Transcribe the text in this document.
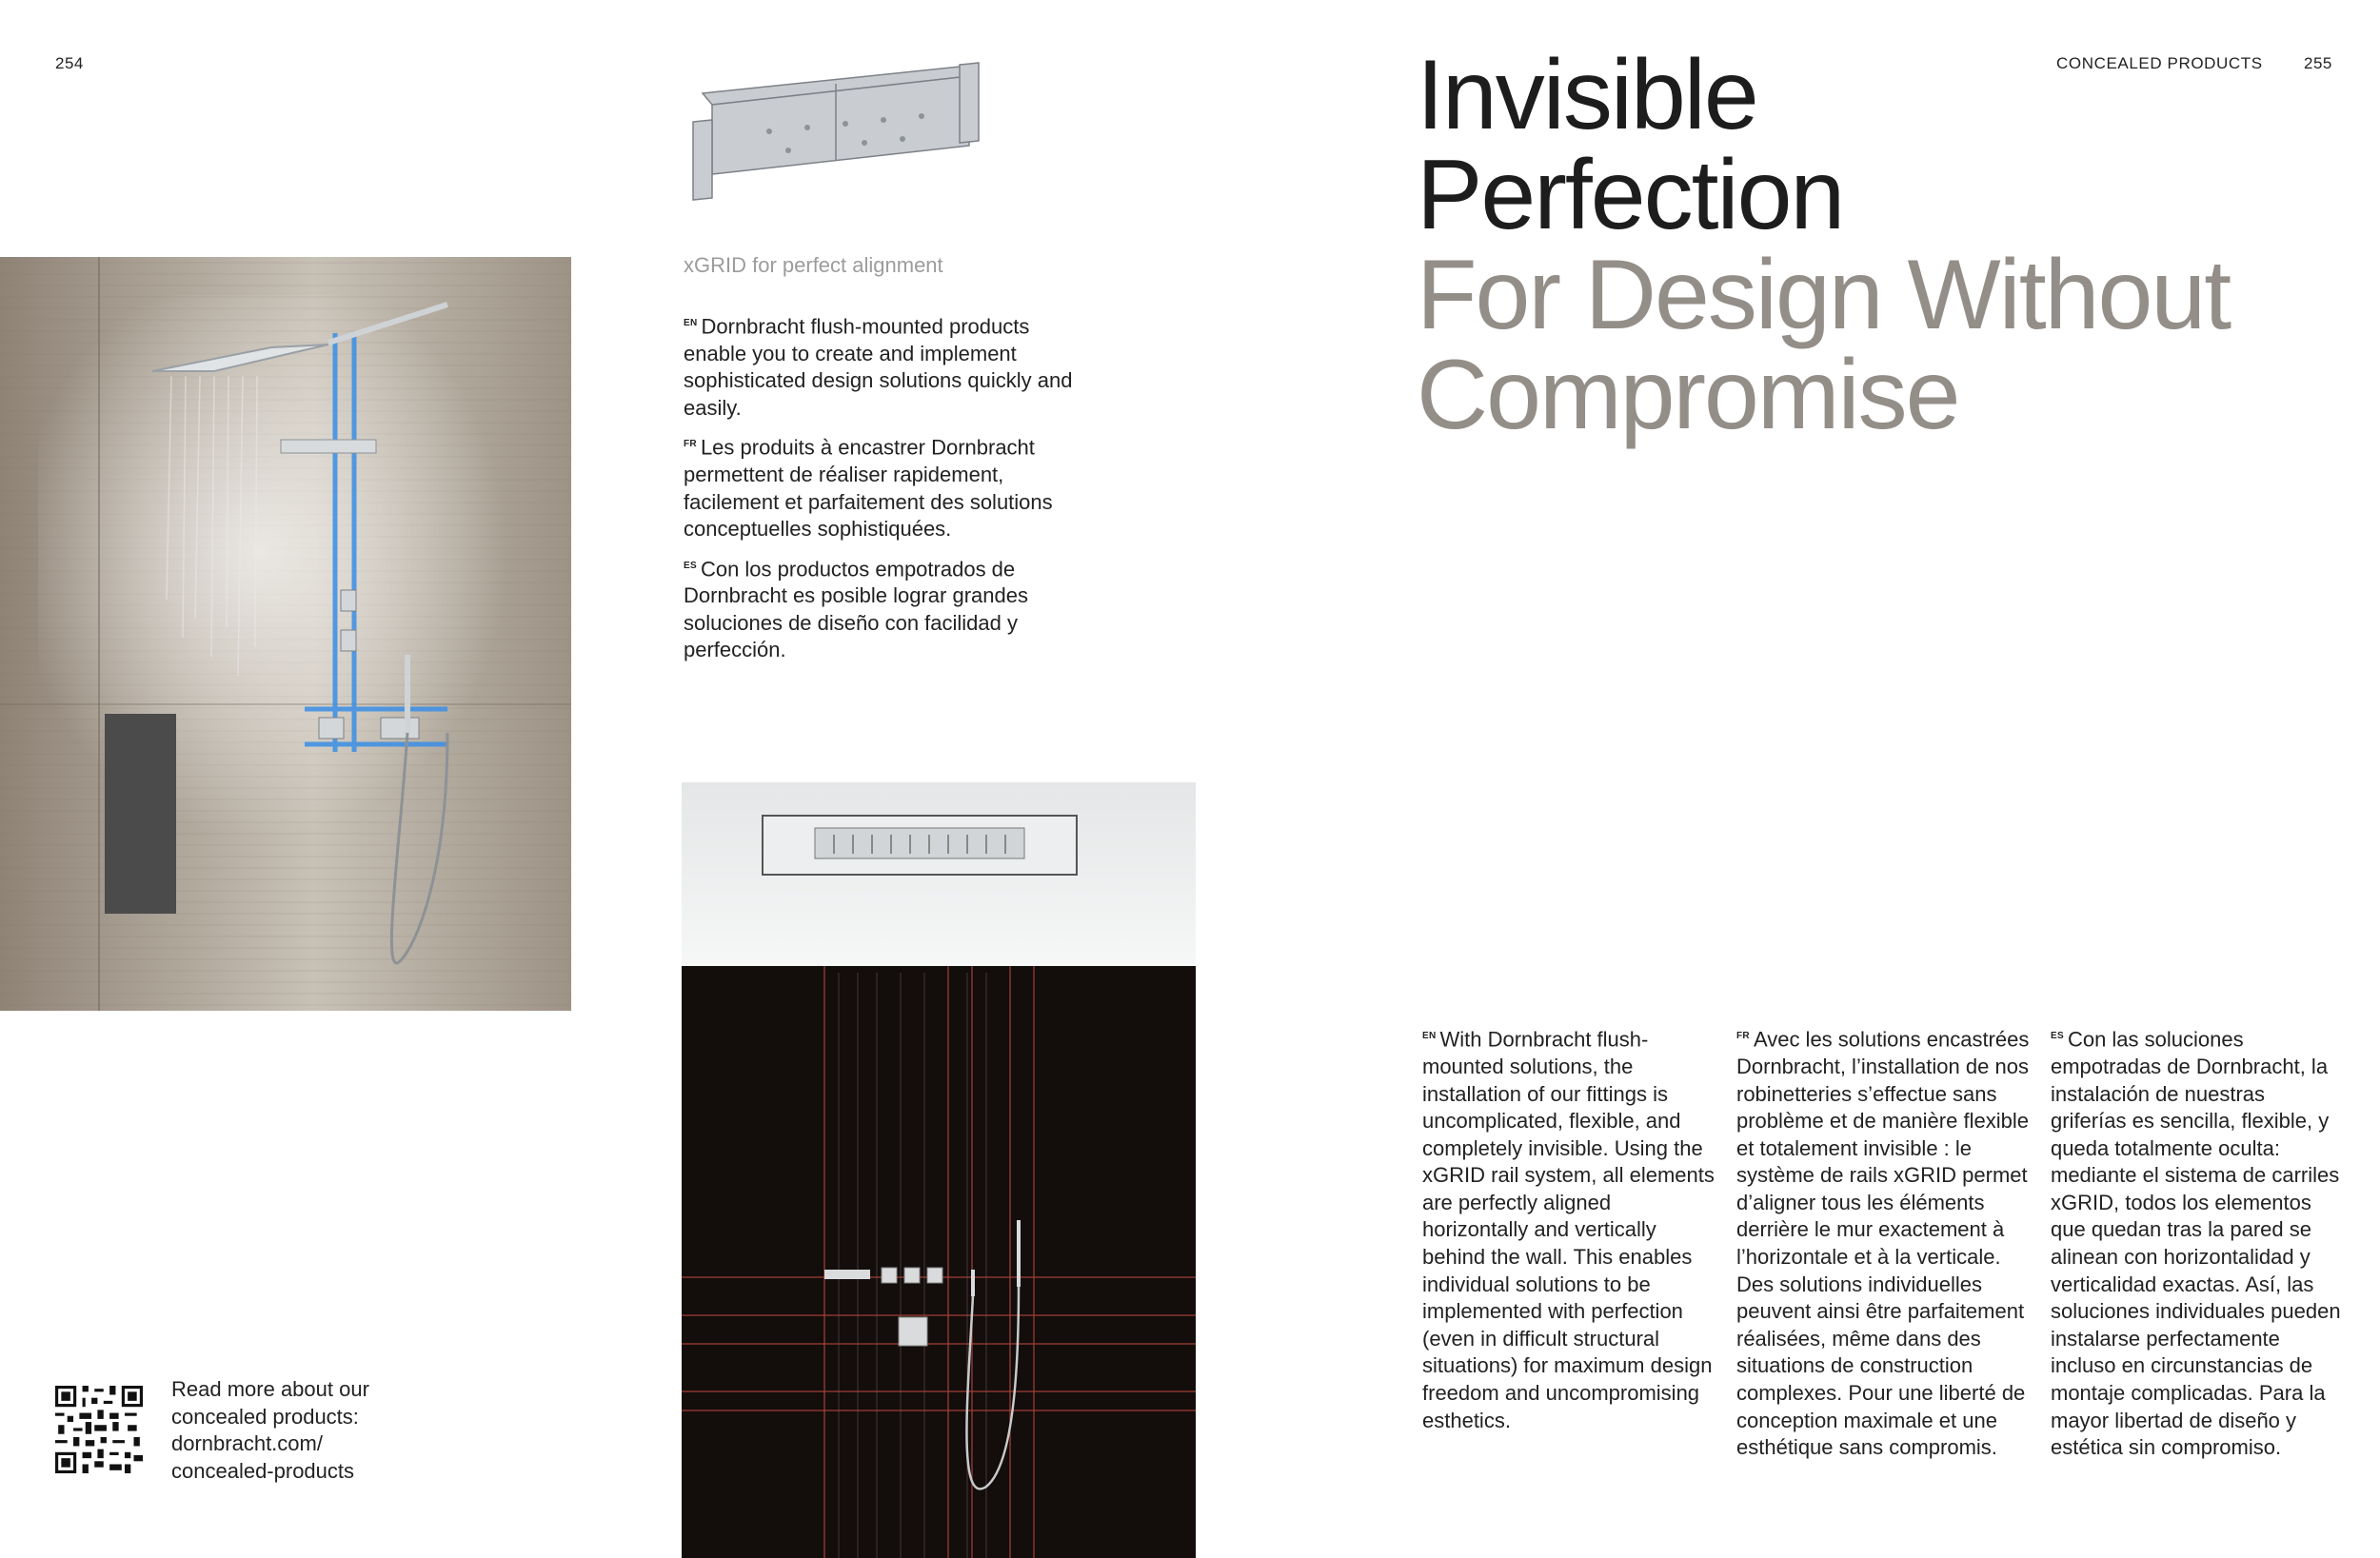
254
xGRID for perfect alignment

$^{EN}$ Dornbracht flush-mounted products enable you to create and implement sophisticated design solutions quickly and easily.

$^{FR}$ Les produits à encastrer Dornbracht permettent de réaliser rapidement, facilement et parfaitement des solutions conceptuelles sophistiquées.

$^{ES}$ Con los productos empotrados de Dornbracht es posible lograr grandes soluciones de diseño con facilidad y perfección.

Read more about our
concealed products:
dornbracht.com/
concealed-products
CONCEALED PRODUCTS	255
Invisible
Perfection
For Design Without
Compromise
$^{EN}$ With Dornbracht flush-mounted solutions, the installation of our fittings is uncomplicated, flexible, and completely invisible. Using the xGRID rail system, all elements are perfectly aligned horizontally and vertically behind the wall. This enables individual solutions to be implemented with perfection (even in difficult structural situations) for maximum design freedom and uncompromising esthetics.
$^{FR}$ Avec les solutions encastrées Dornbracht, l’installation de nos robinetteries s’effectue sans problème et de manière flexible et totalement invisible : le système de rails xGRID permet d’aligner tous les éléments derrière le mur exactement à l’horizontale et à la verticale. Des solutions individuelles peuvent ainsi être parfaitement réalisées, même dans des situations de construction complexes. Pour une liberté de conception maximale et une esthétique sans compromis.
$^{ES}$ Con las soluciones empotradas de Dornbracht, la instalación de nuestras griferías es sencilla, flexible, y queda totalmente oculta: mediante el sistema de carriles xGRID, todos los elementos que quedan tras la pared se alinean con horizontalidad y verticalidad exactas. Así, las soluciones individuales pueden instalarse perfectamente incluso en circunstancias de montaje complicadas. Para la mayor libertad de diseño y estética sin compromiso.
